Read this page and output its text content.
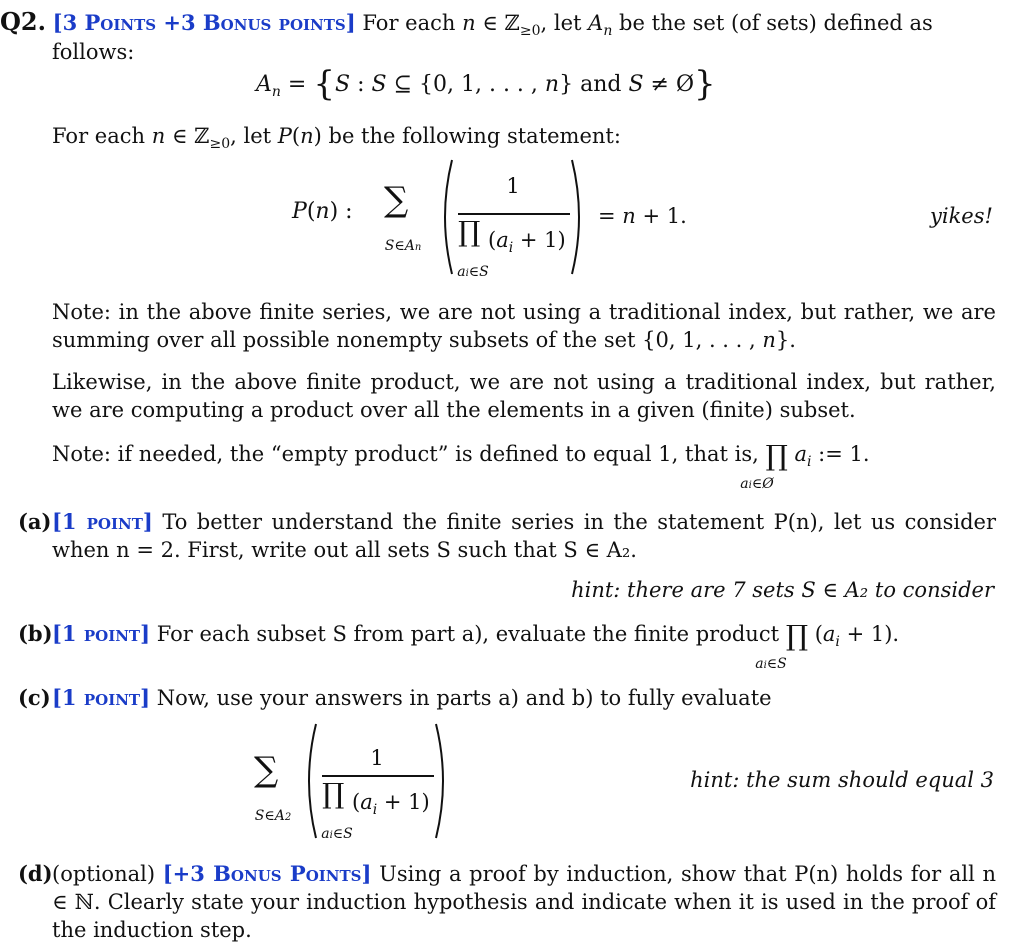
Q2. [3 Points +3 Bonus points] For each n ∈ ℤ$_{\ge 0}$, let $A_n$ be the set (of sets) defined as
follows:
$A_n = \{S$ : S ⊆ {0, 1, . . . , n} and S ≠ Ø}
For each n ∈ ℤ$_{\ge 0}$, let P(n) be the following statement:
P(n) : ∑
S∈An
1
∏ $(a_i + 1)$
ai∈S
= n + 1.	yikes!
Note: in the above finite series, we are not using a traditional index, but rather, we are summing over all possible nonempty subsets of the set {0, 1, . . . , n}.
Likewise, in the above finite product, we are not using a traditional index, but rather, we are computing a product over all the elements in a given (finite) subset.
Note: if needed, the “empty product” is defined to equal 1, that is, ∏ $a_i$ := 1.
ai∈Ø
(a) [1 point] To better understand the finite series in the statement P(n), let us consider when n = 2. First, write out all sets S such that S ∈ A₂.
hint: there are 7 sets S ∈ A₂ to consider
(b) [1 point] For each subset S from part a), evaluate the finite product ∏ $(a_i + 1)$.
ai∈S
(c) [1 point] Now, use your answers in parts a) and b) to fully evaluate
∑
S∈A2
1
∏ $(a_i + 1)$
ai∈S
hint: the sum should equal 3
(d) (optional) [+3 Bonus Points] Using a proof by induction, show that P(n) holds for all n ∈ ℕ. Clearly state your induction hypothesis and indicate when it is used in the proof of the induction step.
